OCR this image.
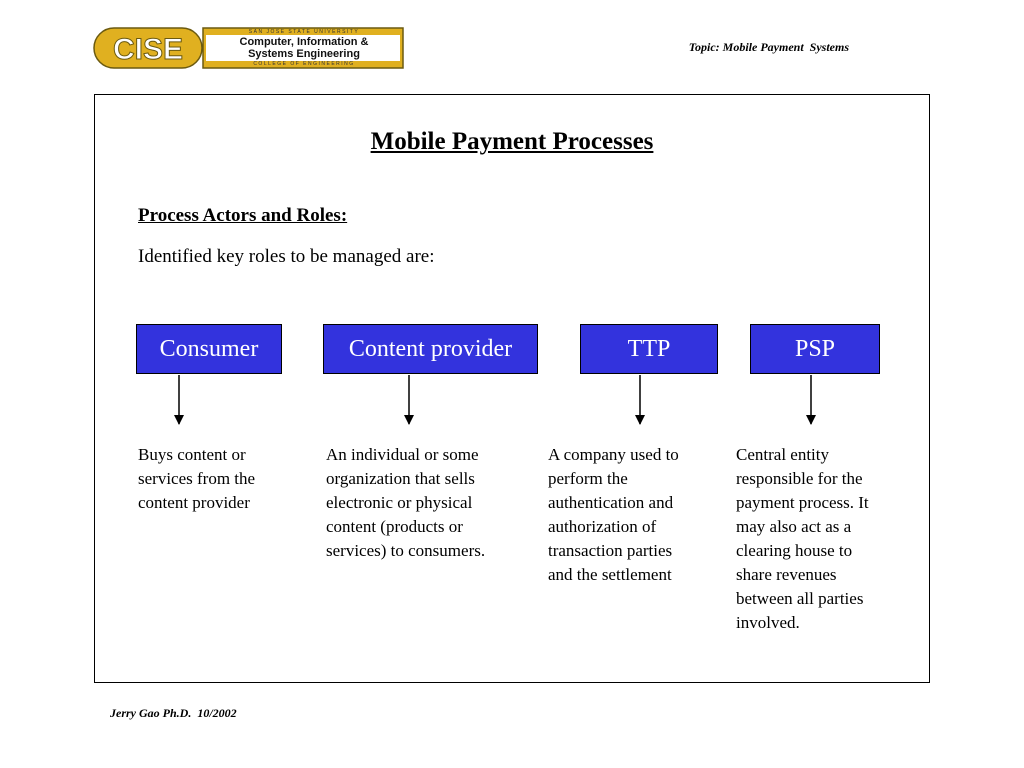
CISE
SAN JOSE STATE UNIVERSITY
Computer, Information &
Systems Engineering
COLLEGE OF ENGINEERING
Topic: Mobile Payment  Systems
Mobile Payment Processes
Process Actors and Roles:
Identified key roles to be managed are:
Consumer	Content provider	TTP	PSP
Buys content or
services from the
content provider
An individual or some
organization that sells
electronic or physical
content (products or
services) to consumers.
A company used to
perform the
authentication and
authorization of
transaction parties
and the settlement
Central entity
responsible for the
payment process. It
may also act as a
clearing house to
share revenues
between all parties
involved.
Jerry Gao Ph.D.  10/2002
